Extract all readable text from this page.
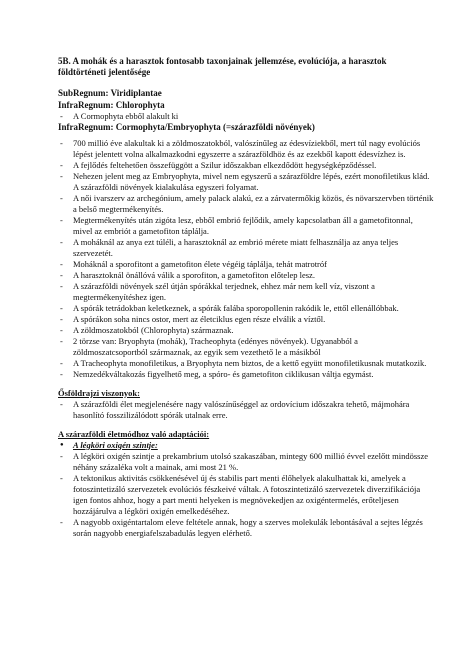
5B. A mohák és a harasztok fontosabb taxonjainak jellemzése, evolúciója, a harasztok földtörténeti jelentősége
SubRegnum: Viridiplantae
InfraRegnum: Chlorophyta
- A Cormophyta ebből alakult ki
InfraRegnum: Cormophyta/Embryophyta (=szárazföldi növények)
- 700 millió éve alakultak ki a zöldmoszatokból, valószínűleg az édesvíziekből, mert túl nagy evolúciós lépést jelentett volna alkalmazkodni egyszerre a szárazföldhöz és az ezekből kapott édesvízhez is.
- A fejlődés feltehetően összefüggött a Szilur időszakban elkezdődött hegységképződéssel.
- Nehezen jelent meg az Embryophyta, mivel nem egyszerű a szárazföldre lépés, ezért monofiletikus klád. A szárazföldi növények kialakulása egyszeri folyamat.
- A női ivarszerv az archegónium, amely palack alakú, ez a zárvatermőkig közös, és növarszervben történik a belső megtermékenyítés.
- Megtermékenyítés után zigóta lesz, ebből embrió fejlődik, amely kapcsolatban áll a gametofitonnal, mivel az embriót a gametofiton táplálja.
- A moháknál az anya ezt túléli, a harasztoknál az embrió mérete miatt felhasználja az anya teljes szervezetét.
- Moháknál a sporofitont a gametofiton élete végéig táplálja, tehát matrotróf
- A harasztoknál önállóvá válik a sporofiton, a gametofiton előtelep lesz.
- A szárazföldi növények szél útján spórákkal terjednek, ehhez már nem kell víz, viszont a megtermékenyítéshez igen.
- A spórák tetrádokban keletkeznek, a spórák falába sporopollenin rakódik le, ettől ellenállóbbak.
- A spórákon soha nincs ostor, mert az életciklus egen része elválik a víztől.
- A zöldmoszatokból (Chlorophyta) származnak.
- 2 törzse van: Bryophyta (mohák), Tracheophyta (edényes növények). Ugyanabból a zöldmoszatcsoportból származnak, az egyik sem vezethető le a másikból
- A Tracheophyta monofiletikus, a Bryophyta nem biztos, de a kettő együtt monofiletikusnak mutatkozik.
- Nemzedékváltakozás figyelhető meg, a spóro- és gametofiton ciklikusan váltja egymást.
Ősföldrajzi viszonyok:
- A szárazföldi élet megjelenésére nagy valószínűséggel az ordovícium időszakra tehető, májmohára hasonlító fosszilizálódott spórák utalnak erre.
A szárazföldi életmódhoz való adaptációi:
● A légköri oxigén szintje:
- A légköri oxigén szintje a prekambrium utolsó szakaszában, mintegy 600 millió évvel ezelőtt mindössze néhány százaléka volt a mainak, ami most 21 %.
- A tektonikus aktivitás csökkenésével új és stabilis part menti élőhelyek alakulhattak ki, amelyek a fotoszintetizáló szervezetek evolúciós fészkeivé váltak. A fotoszintetizáló szervezetek diverzifikációja igen fontos ahhoz, hogy a part menti helyeken is megnövekedjen az oxigéntermelés, erőteljesen hozzájárulva a légköri oxigén emelkedéséhez.
- A nagyobb oxigéntartalom eleve feltétele annak, hogy a szerves molekulák lebontásával a sejtes légzés során nagyobb energiafelszabadulás legyen elérhető.
